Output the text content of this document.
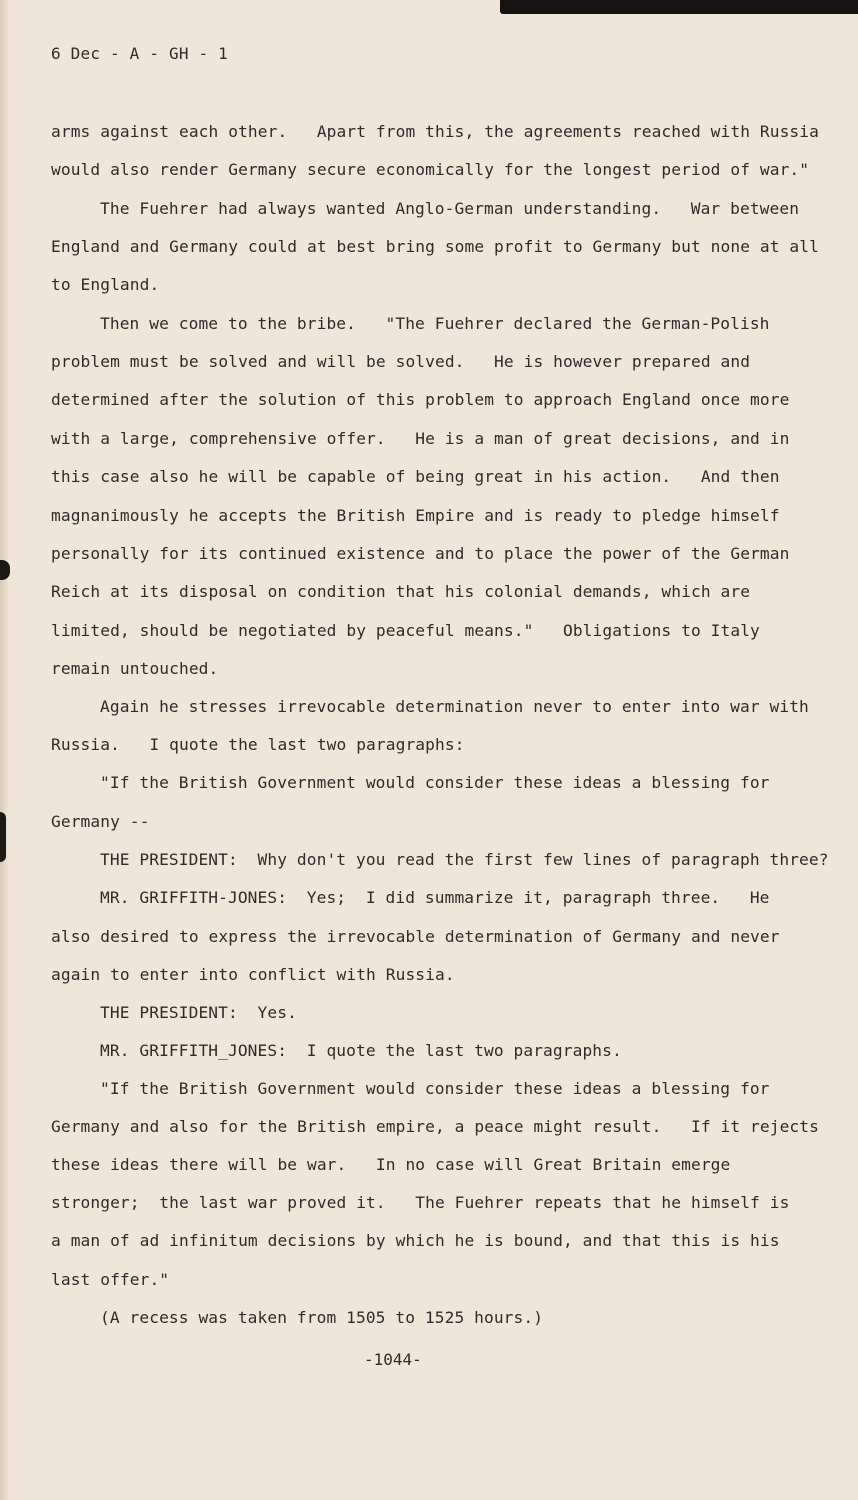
6 Dec - A - GH - 1
arms against each other.   Apart from this, the agreements reached with Russia
would also render Germany secure economically for the longest period of war."
The Fuehrer had always wanted Anglo-German understanding.   War between
England and Germany could at best bring some profit to Germany but none at all
to England.
Then we come to the bribe.   "The Fuehrer declared the German-Polish
problem must be solved and will be solved.   He is however prepared and
determined after the solution of this problem to approach England once more
with a large, comprehensive offer.   He is a man of great decisions, and in
this case also he will be capable of being great in his action.   And then
magnanimously he accepts the British Empire and is ready to pledge himself
personally for its continued existence and to place the power of the German
Reich at its disposal on condition that his colonial demands, which are
limited, should be negotiated by peaceful means."   Obligations to Italy
remain untouched.
Again he stresses irrevocable determination never to enter into war with
Russia.   I quote the last two paragraphs:
"If the British Government would consider these ideas a blessing for
Germany --
THE PRESIDENT:  Why don't you read the first few lines of paragraph three?
MR. GRIFFITH-JONES:  Yes;  I did summarize it, paragraph three.   He
also desired to express the irrevocable determination of Germany and never
again to enter into conflict with Russia.
THE PRESIDENT:  Yes.
MR. GRIFFITH_JONES:  I quote the last two paragraphs.
"If the British Government would consider these ideas a blessing for
Germany and also for the British empire, a peace might result.   If it rejects
these ideas there will be war.   In no case will Great Britain emerge
stronger;  the last war proved it.   The Fuehrer repeats that he himself is
a man of ad infinitum decisions by which he is bound, and that this is his
last offer."
(A recess was taken from 1505 to 1525 hours.)
-1044-
